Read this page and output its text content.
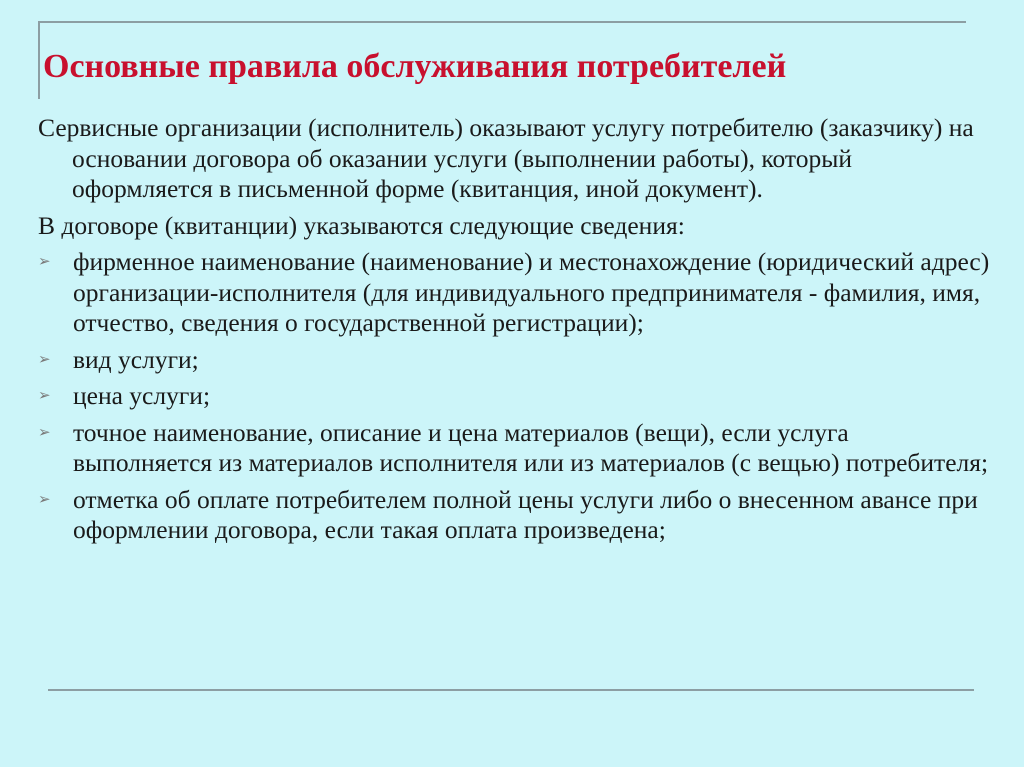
Основные правила обслуживания потребителей

Сервисные организации (исполнитель) оказывают услугу потребителю (заказчику) на основании договора об оказании услуги (выполнении работы), который оформляется в письменной форме (квитанция, иной документ).

В договоре (квитанции) указываются следующие сведения:

➢ фирменное наименование (наименование) и местонахождение (юридический адрес) организации-исполнителя (для индивидуального предпринимателя - фамилия, имя, отчество, сведения о государственной регистрации);
➢ вид услуги;
➢ цена услуги;
➢ точное наименование, описание и цена материалов (вещи), если услуга выполняется из материалов исполнителя или из материалов (с вещью) потребителя;
➢ отметка об оплате потребителем полной цены услуги либо о внесенном авансе при оформлении договора, если такая оплата произведена;
